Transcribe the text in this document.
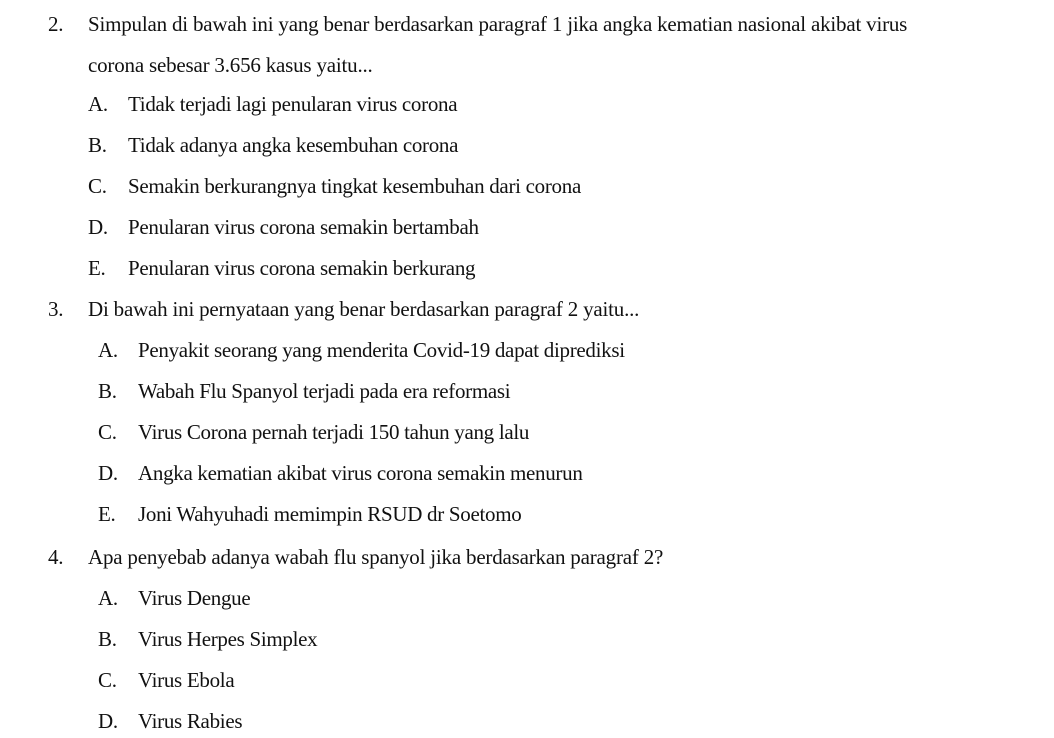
2. Simpulan di bawah ini yang benar berdasarkan paragraf 1 jika angka kematian nasional akibat virus
corona sebesar 3.656 kasus yaitu...
A. Tidak terjadi lagi penularan virus corona
B. Tidak adanya angka kesembuhan corona
C. Semakin berkurangnya tingkat kesembuhan dari corona
D. Penularan virus corona semakin bertambah
E. Penularan virus corona semakin berkurang
3. Di bawah ini pernyataan yang benar berdasarkan paragraf 2 yaitu...
A. Penyakit seorang yang menderita Covid-19 dapat diprediksi
B. Wabah Flu Spanyol terjadi pada era reformasi
C. Virus Corona pernah terjadi 150 tahun yang lalu
D. Angka kematian akibat virus corona semakin menurun
E. Joni Wahyuhadi memimpin RSUD dr Soetomo
4. Apa penyebab adanya wabah flu spanyol jika berdasarkan paragraf 2?
A. Virus Dengue
B. Virus Herpes Simplex
C. Virus Ebola
D. Virus Rabies
